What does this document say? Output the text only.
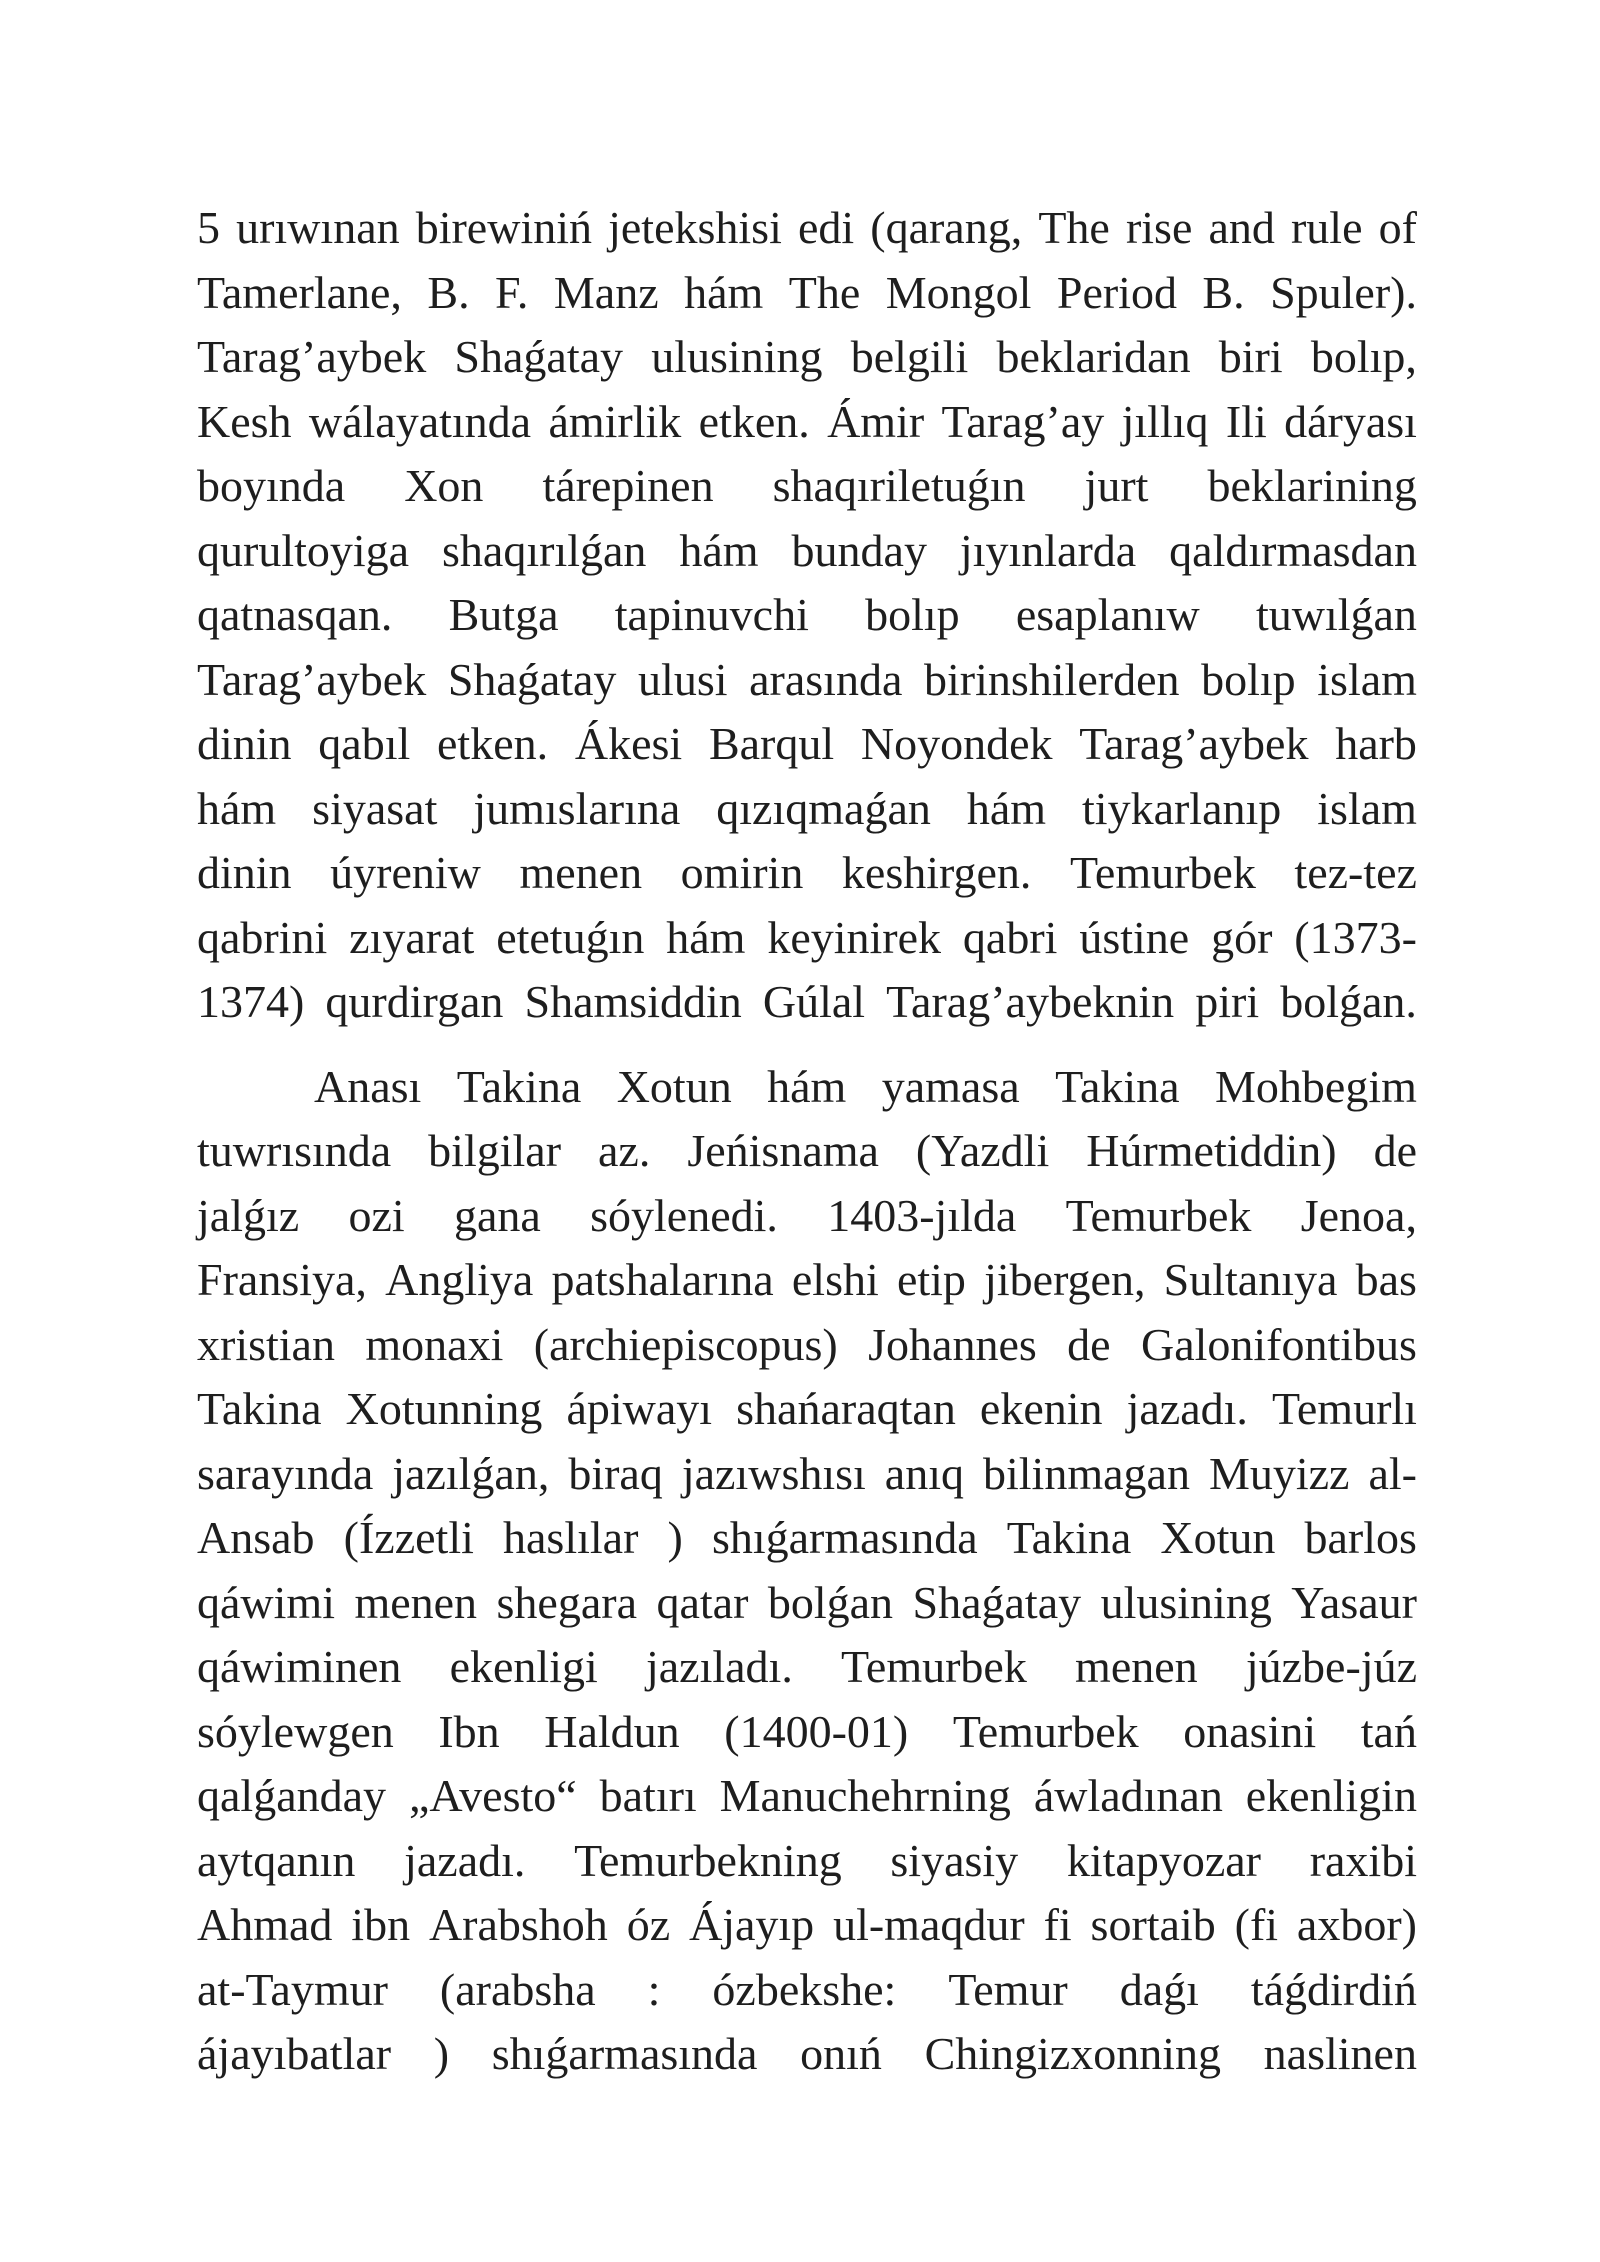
5 urıwınan birewiniń jetekshisi edi (qarang, The rise and rule of
Tamerlane, B. F. Manz hám The Mongol Period B. Spuler).
Tarag’aybek Shaǵatay ulusining belgili beklaridan biri bolıp,
Kesh wálayatında ámirlik etken. Ámir Tarag’ay jıllıq Ili dáryası
boyında Xon tárepinen shaqıriletuǵın jurt beklarining
qurultoyiga shaqırılǵan hám bunday jıyınlarda qaldırmasdan
qatnasqan. Butga tapinuvchi bolıp esaplanıw tuwılǵan
Tarag’aybek Shaǵatay ulusi arasında birinshilerden bolıp islam
dinin qabıl etken. Ákesi Barqul Noyondek Tarag’aybek harb
hám siyasat jumıslarına qızıqmaǵan hám tiykarlanıp islam
dinin úyreniw menen omirin keshirgen. Temurbek tez-tez
qabrini zıyarat etetuǵın hám keyinirek qabri ústine gór (1373-
1374) qurdirgan Shamsiddin Gúlal Tarag’aybeknin piri bolǵan.
Anası Takina Xotun hám yamasa Takina Mohbegim
tuwrısında bilgilar az. Jeńisnama (Yazdli Húrmetiddin) de
jalǵız ozi gana sóylenedi. 1403-jılda Temurbek Jenoa,
Fransiya, Angliya patshalarına elshi etip jibergen, Sultanıya bas
xristian monaxi (archiepiscopus) Johannes de Galonifontibus
Takina Xotunning ápiwayı shańaraqtan ekenin jazadı. Temurlı
sarayında jazılǵan, biraq jazıwshısı anıq bilinmagan Muyizz al-
Ansab (Ízzetli haslılar ) shıǵarmasında Takina Xotun barlos
qáwimi menen shegara qatar bolǵan Shaǵatay ulusining Yasaur
qáwiminen ekenligi jazıladı. Temurbek menen júzbe-júz
sóylewgen Ibn Haldun (1400-01) Temurbek onasini tań
qalǵanday „Avesto“ batırı Manuchehrning áwladınan ekenligin
aytqanın jazadı. Temurbekning siyasiy kitapyozar raxibi
Ahmad ibn Arabshoh óz Ájayıp ul-maqdur fi sortaib (fi axbor)
at-Taymur (arabsha : ózbekshe: Temur daǵı táǵdirdiń
ájayıbatlar ) shıǵarmasında onıń Chingizxonning naslinen
